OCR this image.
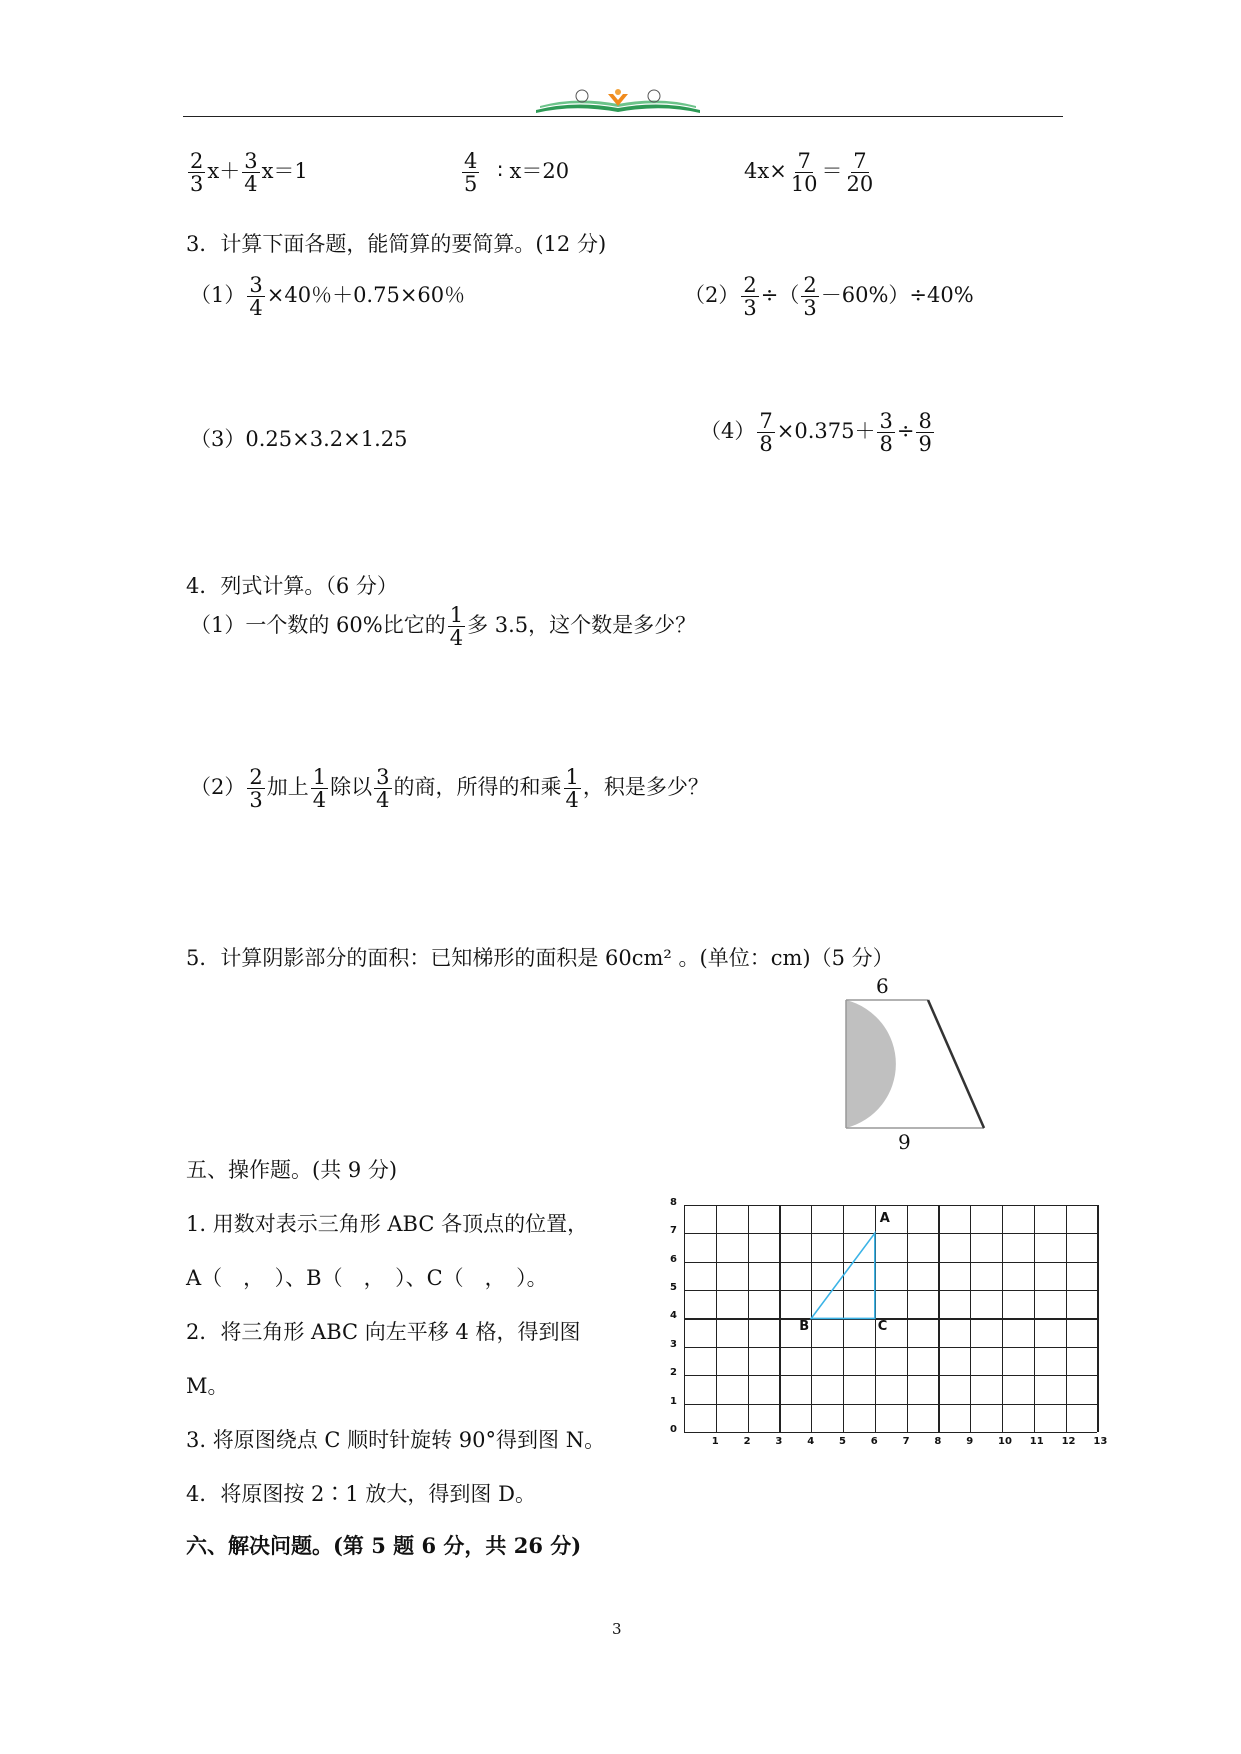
$\frac{2}{3} x+ \frac{3}{4} x=1$	$\frac{4}{5}$ ∶ x＝20	$4x\times \frac{7}{10} = \frac{7}{20}$
3．计算下面各题，能简算的要简算。(12 分)
$(1) \frac{3}{4} \times 40$％＋0.75×60％	$(2) \frac{2}{3}$ ÷（ $\frac{2}{3} -60\%)\div 40\%$
（3）0.25×3.2×1.25	$(4) \frac{7}{8} \times 0.375+ \frac{3}{8} \div \frac{8}{9}$
4．列式计算。（6 分）
（1）一个数的 60%比它的 $\frac{1}{4}$ 多 3.5，这个数是多少？
$(2) \frac{2}{3}$ 加上 $\frac{1}{4}$ 除以 $\frac{3}{4}$ 的商，所得的和乘 $\frac{1}{4}$ ，积是多少？
5．计算阴影部分的面积：已知梯形的面积是 60cm² 。(单位：cm)（5 分）
6
9
五、操作题。(共 9 分)
1. 用数对表示三角形 ABC 各顶点的位置，
A（　，　）、B（　，　）、C（　，　）。
2．将三角形 ABC 向左平移 4 格，得到图
M。
3. 将原图绕点 C 顺时针旋转 90°得到图 N。
4．将原图按 2∶1 放大，得到图 D。
1 2 3 4 5 6 7 8 9 10 11 12 13
0
1
2
3
4
5
6
7
8
A
B	C
六、解决问题。(第 5 题 6 分，共 26 分)
3
